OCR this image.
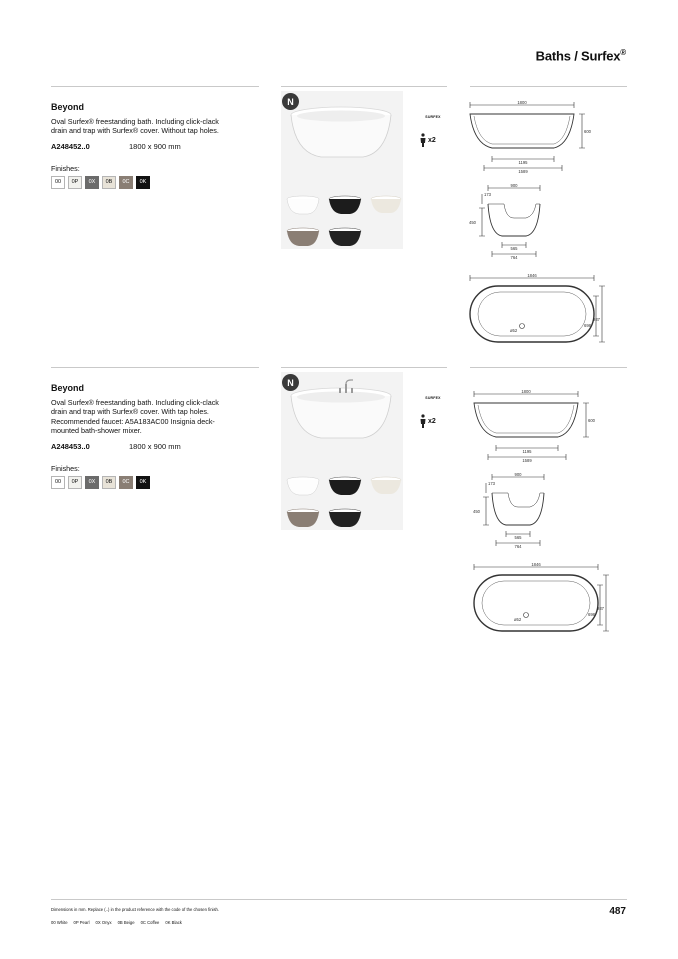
Baths / Surfex®
Beyond
Oval Surfex® freestanding bath. Including click-clack
drain and trap with Surfex® cover. Without tap holes.
A248452..0	1800 x 900 mm
Finishes:
00	0P	0X	0B	0C	0K
N
SURFEX
x2
1800
600
1195
1589
900
173
450
565
764
1846
937
698
ø52
Beyond
Oval Surfex® freestanding bath. Including click-clack
drain and trap with Surfex® cover. With tap holes.
Recommended faucet: A5A183AC00 Insignia deck-
mounted bath-shower mixer.
A248453..0	1800 x 900 mm
Finishes:
00	0P	0X	0B	0C	0K
N
SURFEX
x2
1800
600
1195
1589
900
173
450
565
764
1846
937
698
ø52
Dimensions in mm. Replace (..) in the product reference with the code of the chosen finish.
00 White 0P Pearl 0X Onyx 0B Beige 0C Coffee 0K Black
487
